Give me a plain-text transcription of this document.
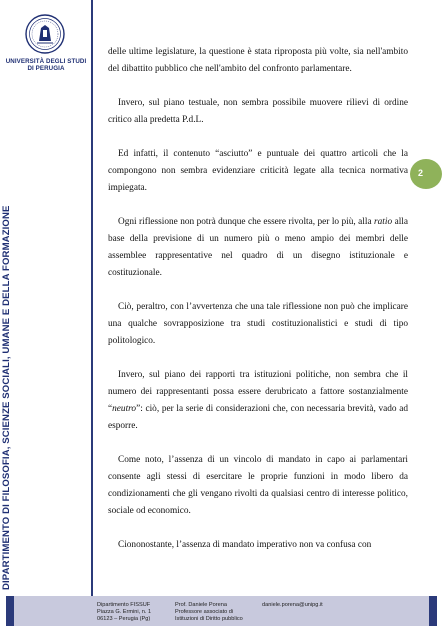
UNIVERSITÀ DEGLI STUDI
DI PERUGIA
DIPARTIMENTO DI FILOSOFIA, SCIENZE SOCIALI, UMANE E DELLA FORMAZIONE
2

delle ultime legislature, la questione è stata riproposta più volte, sia nell'ambito del dibattito pubblico che nell'ambito del confronto parlamentare.

Invero, sul piano testuale, non sembra possibile muovere rilievi di ordine critico alla predetta P.d.L.

Ed infatti, il contenuto “asciutto” e puntuale dei quattro articoli che la compongono non sembra evidenziare criticità legate alla tecnica normativa impiegata.

Ogni riflessione non potrà dunque che essere rivolta, per lo più, alla ratio alla base della previsione di un numero più o meno ampio dei membri delle assemblee rappresentative nel quadro di un disegno istituzionale e costituzionale.

Ciò, peraltro, con l’avvertenza che una tale riflessione non può che implicare una qualche sovrapposizione tra studi costituzionalistici e studi di tipo politologico.

Invero, sul piano dei rapporti tra istituzioni politiche, non sembra che il numero dei rappresentanti possa essere derubricato a fattore sostanzialmente “neutro”: ciò, per la serie di considerazioni che, con necessaria brevità, vado ad esporre.

Come noto, l’assenza di un vincolo di mandato in capo ai parlamentari consente agli stessi di esercitare le proprie funzioni in modo libero da condizionamenti che gli vengano rivolti da qualsiasi centro di interesse politico, sociale od economico.

Ciononostante, l’assenza di mandato imperativo non va confusa con

Dipartimento FISSUF
Piazza G. Ermini, n. 1
06123 – Perugia (Pg)
Prof. Daniele Porena
Professore associato di
Istituzioni di Diritto pubblico
daniele.porena@unipg.it
